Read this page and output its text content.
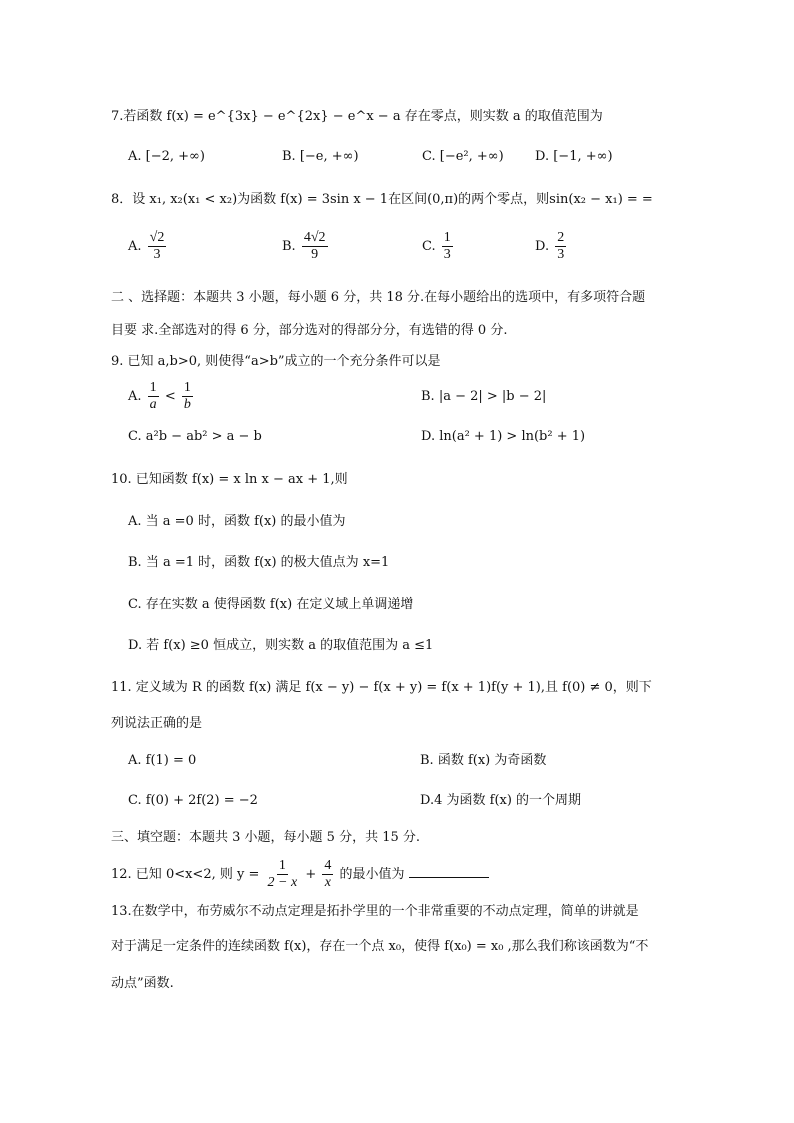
7.若函数 f(x) = e^{3x} − e^{2x} − e^x − a 存在零点，则实数 a 的取值范围为
A. [−2, +∞)	B. [−e, +∞)	C. [−e², +∞) D. [−1, +∞)
8．设 x₁, x₂(x₁ < x₂)为函数 f(x) = 3sin x − 1在区间(0,π)的两个零点，则sin(x₂ − x₁) = =
A. $\frac{√2}{3}$	B. $\frac{4√2}{9}$	C. $\frac{1}{3}$	D. $\frac{2}{3}$
二 、选择题：本题共 3 小题，每小题 6 分，共 18 分.在每小题给出的选项中，有多项符合题
目要 求.全部选对的得 6 分，部分选对的得部分分，有选错的得 0 分.
9. 已知 a,b>0, 则使得“a>b”成立的一个充分条件可以是
A. $\frac{1}{a} < \frac{1}{b}$	B. |a − 2| > |b − 2|
C. a²b − ab² > a − b	D. ln(a² + 1) > ln(b² + 1)
10. 已知函数 f(x) = x ln x − ax + 1,则
A. 当 a =0 时，函数 f(x) 的最小值为
B. 当 a =1 时，函数 f(x) 的极大值点为 x=1
C. 存在实数 a 使得函数 f(x) 在定义域上单调递增
D. 若 f(x) ≥0 恒成立，则实数 a 的取值范围为 a ≤1
11. 定义域为 R 的函数 f(x) 满足 f(x − y) − f(x + y) = f(x + 1)f(y + 1),且 f(0) ≠ 0，则下
列说法正确的是
A. f(1) = 0	B. 函数 f(x) 为奇函数
C. f(0) + 2f(2) = −2	D.4 为函数 f(x) 的一个周期
三、填空题：本题共 3 小题，每小题 5 分，共 15 分.
12. 已知 0<x<2, 则 $y = \frac{1}{2 - x} + \frac{4}{x}$ 的最小值为
13.在数学中，布劳威尔不动点定理是拓扑学里的一个非常重要的不动点定理，简单的讲就是
对于满足一定条件的连续函数 f(x)，存在一个点 x₀，使得 f(x₀) = x₀ ,那么我们称该函数为“不
动点”函数.
